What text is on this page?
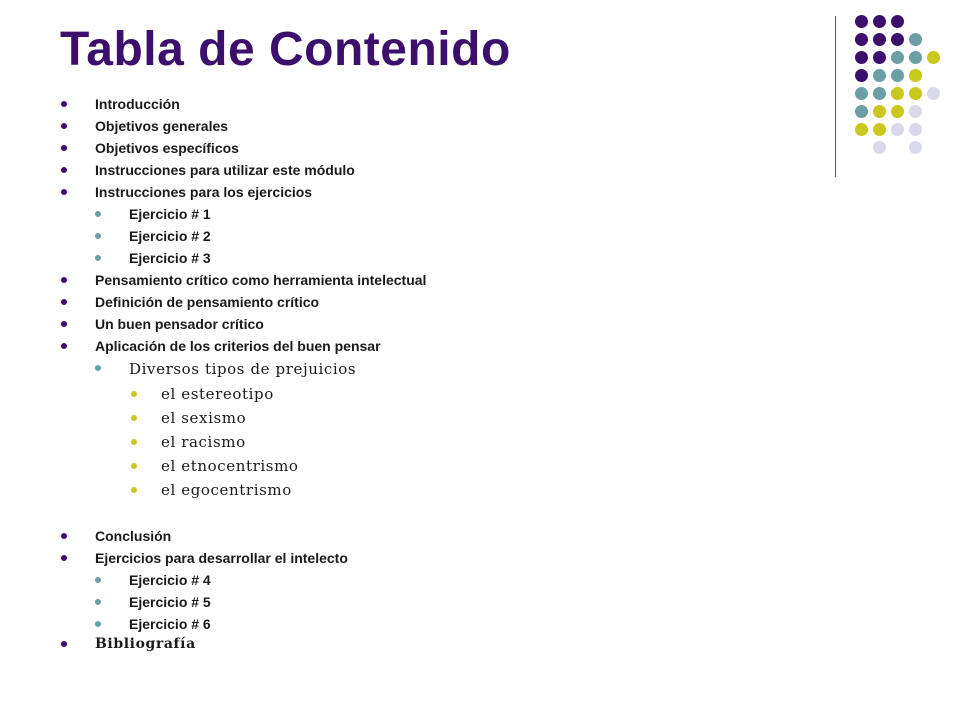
Tabla de Contenido
Introducción
Objetivos generales
Objetivos específicos
Instrucciones para utilizar este módulo
Instrucciones para los ejercicios
Ejercicio # 1
Ejercicio # 2
Ejercicio # 3
Pensamiento crítico como herramienta intelectual
Definición de pensamiento crítico
Un buen pensador crítico
Aplicación de los criterios del buen pensar
Diversos tipos de prejuicios
el estereotipo
el sexismo
el racismo
el etnocentrismo
el egocentrismo
Conclusión
Ejercicios para desarrollar el intelecto
Ejercicio # 4
Ejercicio # 5
Ejercicio # 6
Bibliografía
